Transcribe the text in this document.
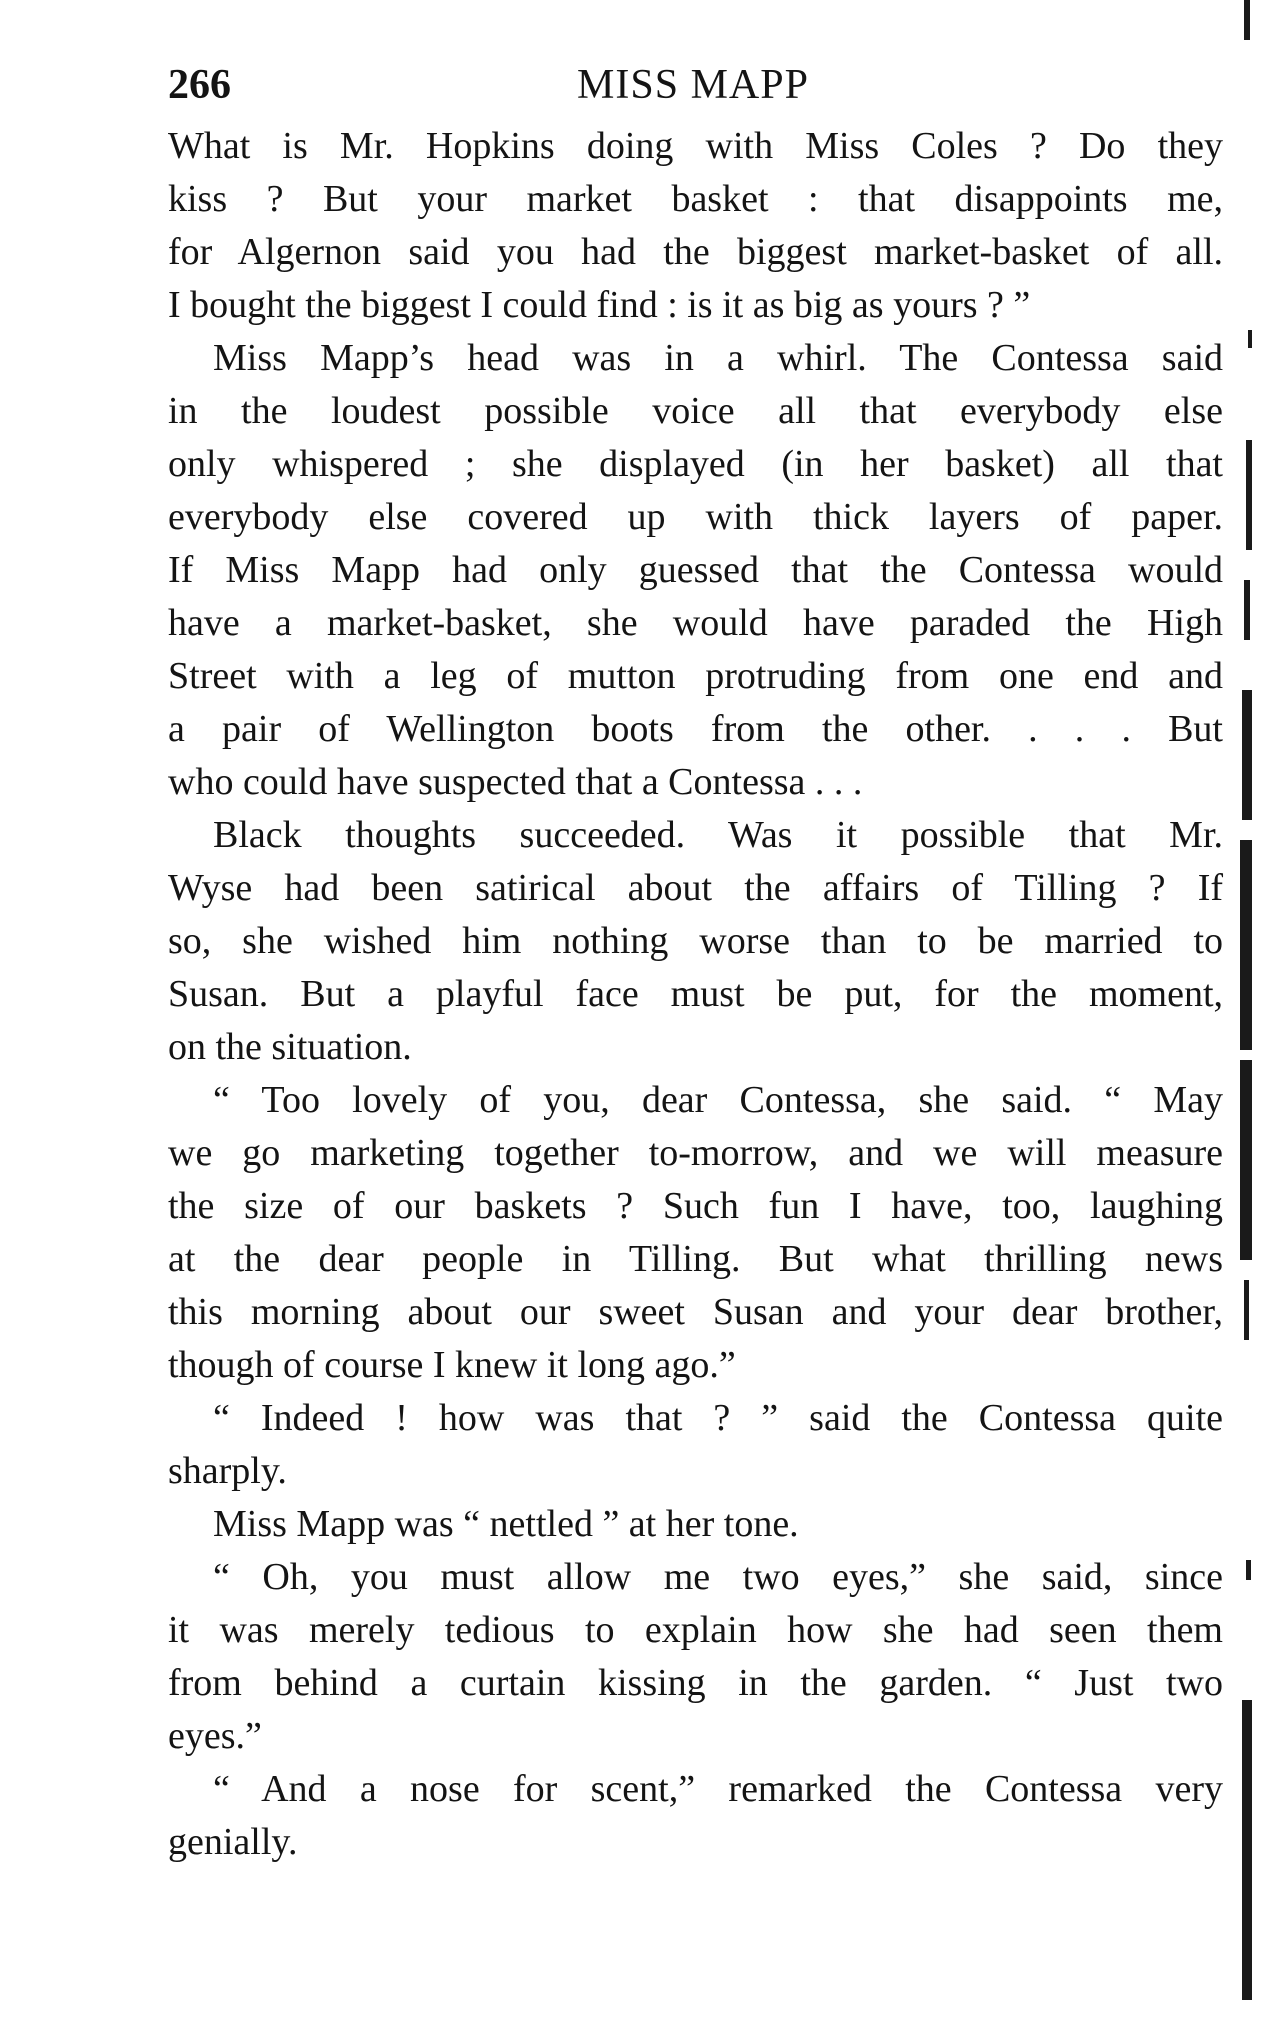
266	MISS MAPP
What is Mr. Hopkins doing with Miss Coles ? Do they
kiss ? But your market basket : that disappoints me,
for Algernon said you had the biggest market-basket of all.
I bought the biggest I could find : is it as big as yours ? ”
Miss Mapp’s head was in a whirl. The Contessa said
in the loudest possible voice all that everybody else
only whispered ; she displayed (in her basket) all that
everybody else covered up with thick layers of paper.
If Miss Mapp had only guessed that the Contessa would
have a market-basket, she would have paraded the High
Street with a leg of mutton protruding from one end and
a pair of Wellington boots from the other. . . . But
who could have suspected that a Contessa . . .
Black thoughts succeeded. Was it possible that Mr.
Wyse had been satirical about the affairs of Tilling ? If
so, she wished him nothing worse than to be married to
Susan. But a playful face must be put, for the moment,
on the situation.
“ Too lovely of you, dear Contessa, she said. “ May
we go marketing together to-morrow, and we will measure
the size of our baskets ? Such fun I have, too, laughing
at the dear people in Tilling. But what thrilling news
this morning about our sweet Susan and your dear brother,
though of course I knew it long ago.”
“ Indeed ! how was that ? ” said the Contessa quite
sharply.
Miss Mapp was “ nettled ” at her tone.
“ Oh, you must allow me two eyes,” she said, since
it was merely tedious to explain how she had seen them
from behind a curtain kissing in the garden. “ Just two
eyes.”
“ And a nose for scent,” remarked the Contessa very
genially.
